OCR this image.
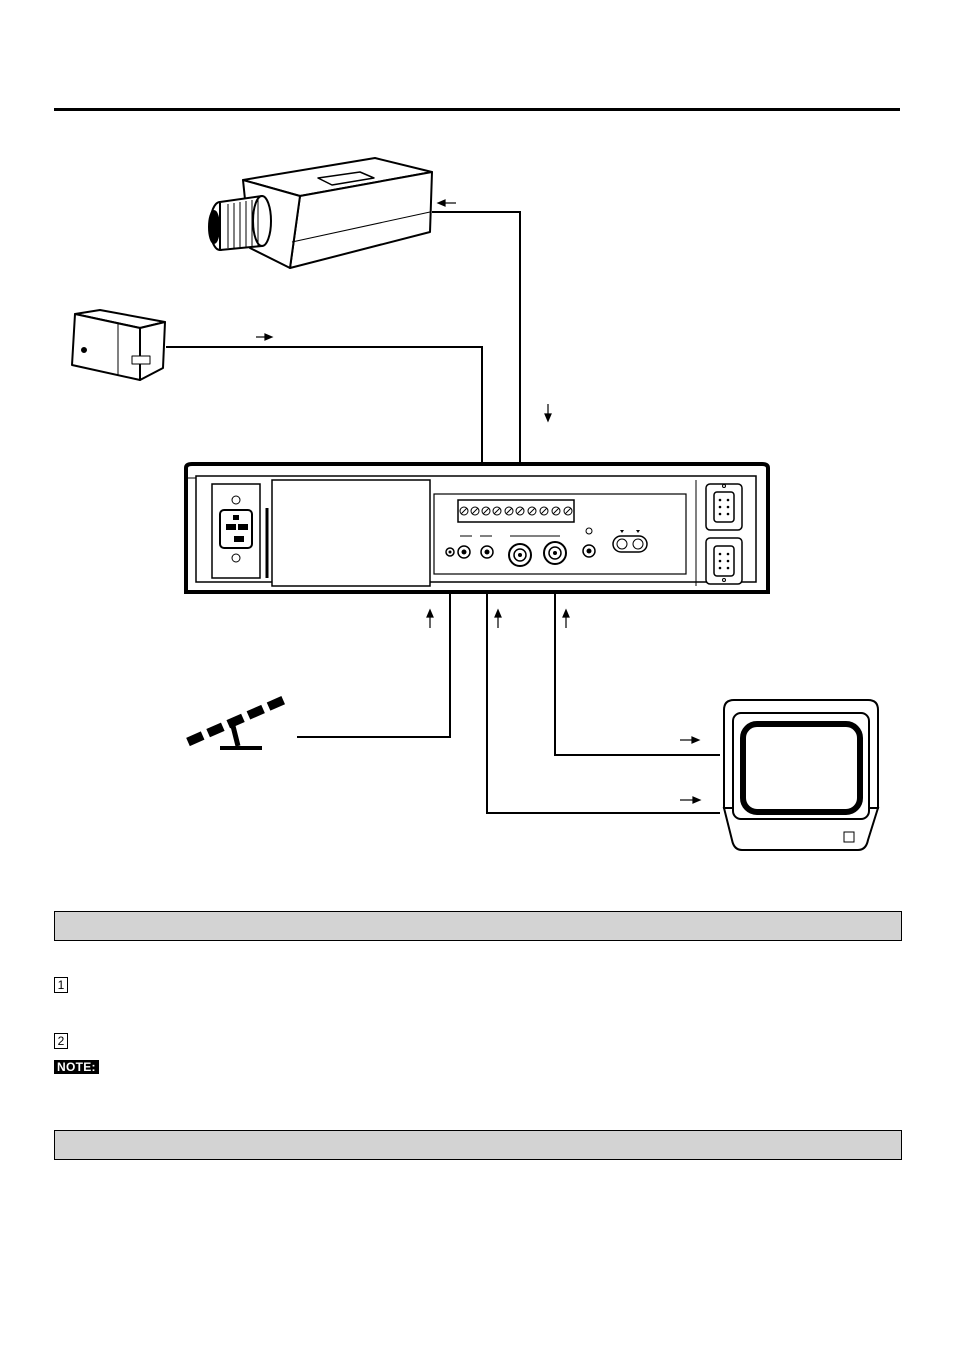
1
2
NOTE:
